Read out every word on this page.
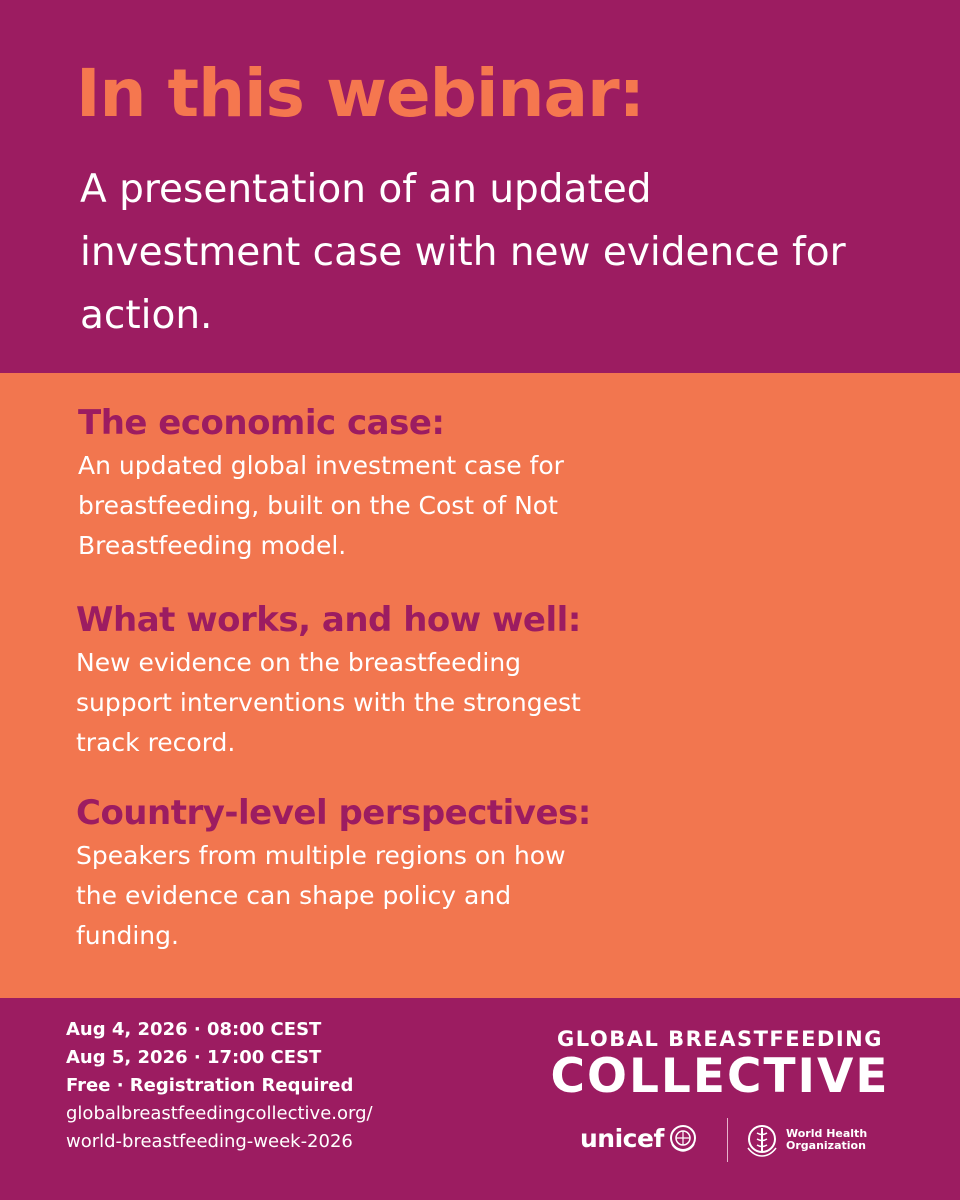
In this webinar:

A presentation of an updated investment case with new evidence for action.

The economic case:

An updated global investment case for
breastfeeding, built on the Cost of Not
Breastfeeding model.

What works, and how well:

New evidence on the breastfeeding
support interventions with the strongest
track record.

Country-level perspectives:

Speakers from multiple regions on how
the evidence can shape policy and
funding.

Aug 4, 2026 · 08:00 CEST
Aug 5, 2026 · 17:00 CEST
Free · Registration Required
globalbreastfeedingcollective.org/
world-breastfeeding-week-2026
GLOBAL BREASTFEEDING
COLLECTIVE
unicef	World Health
Organization
